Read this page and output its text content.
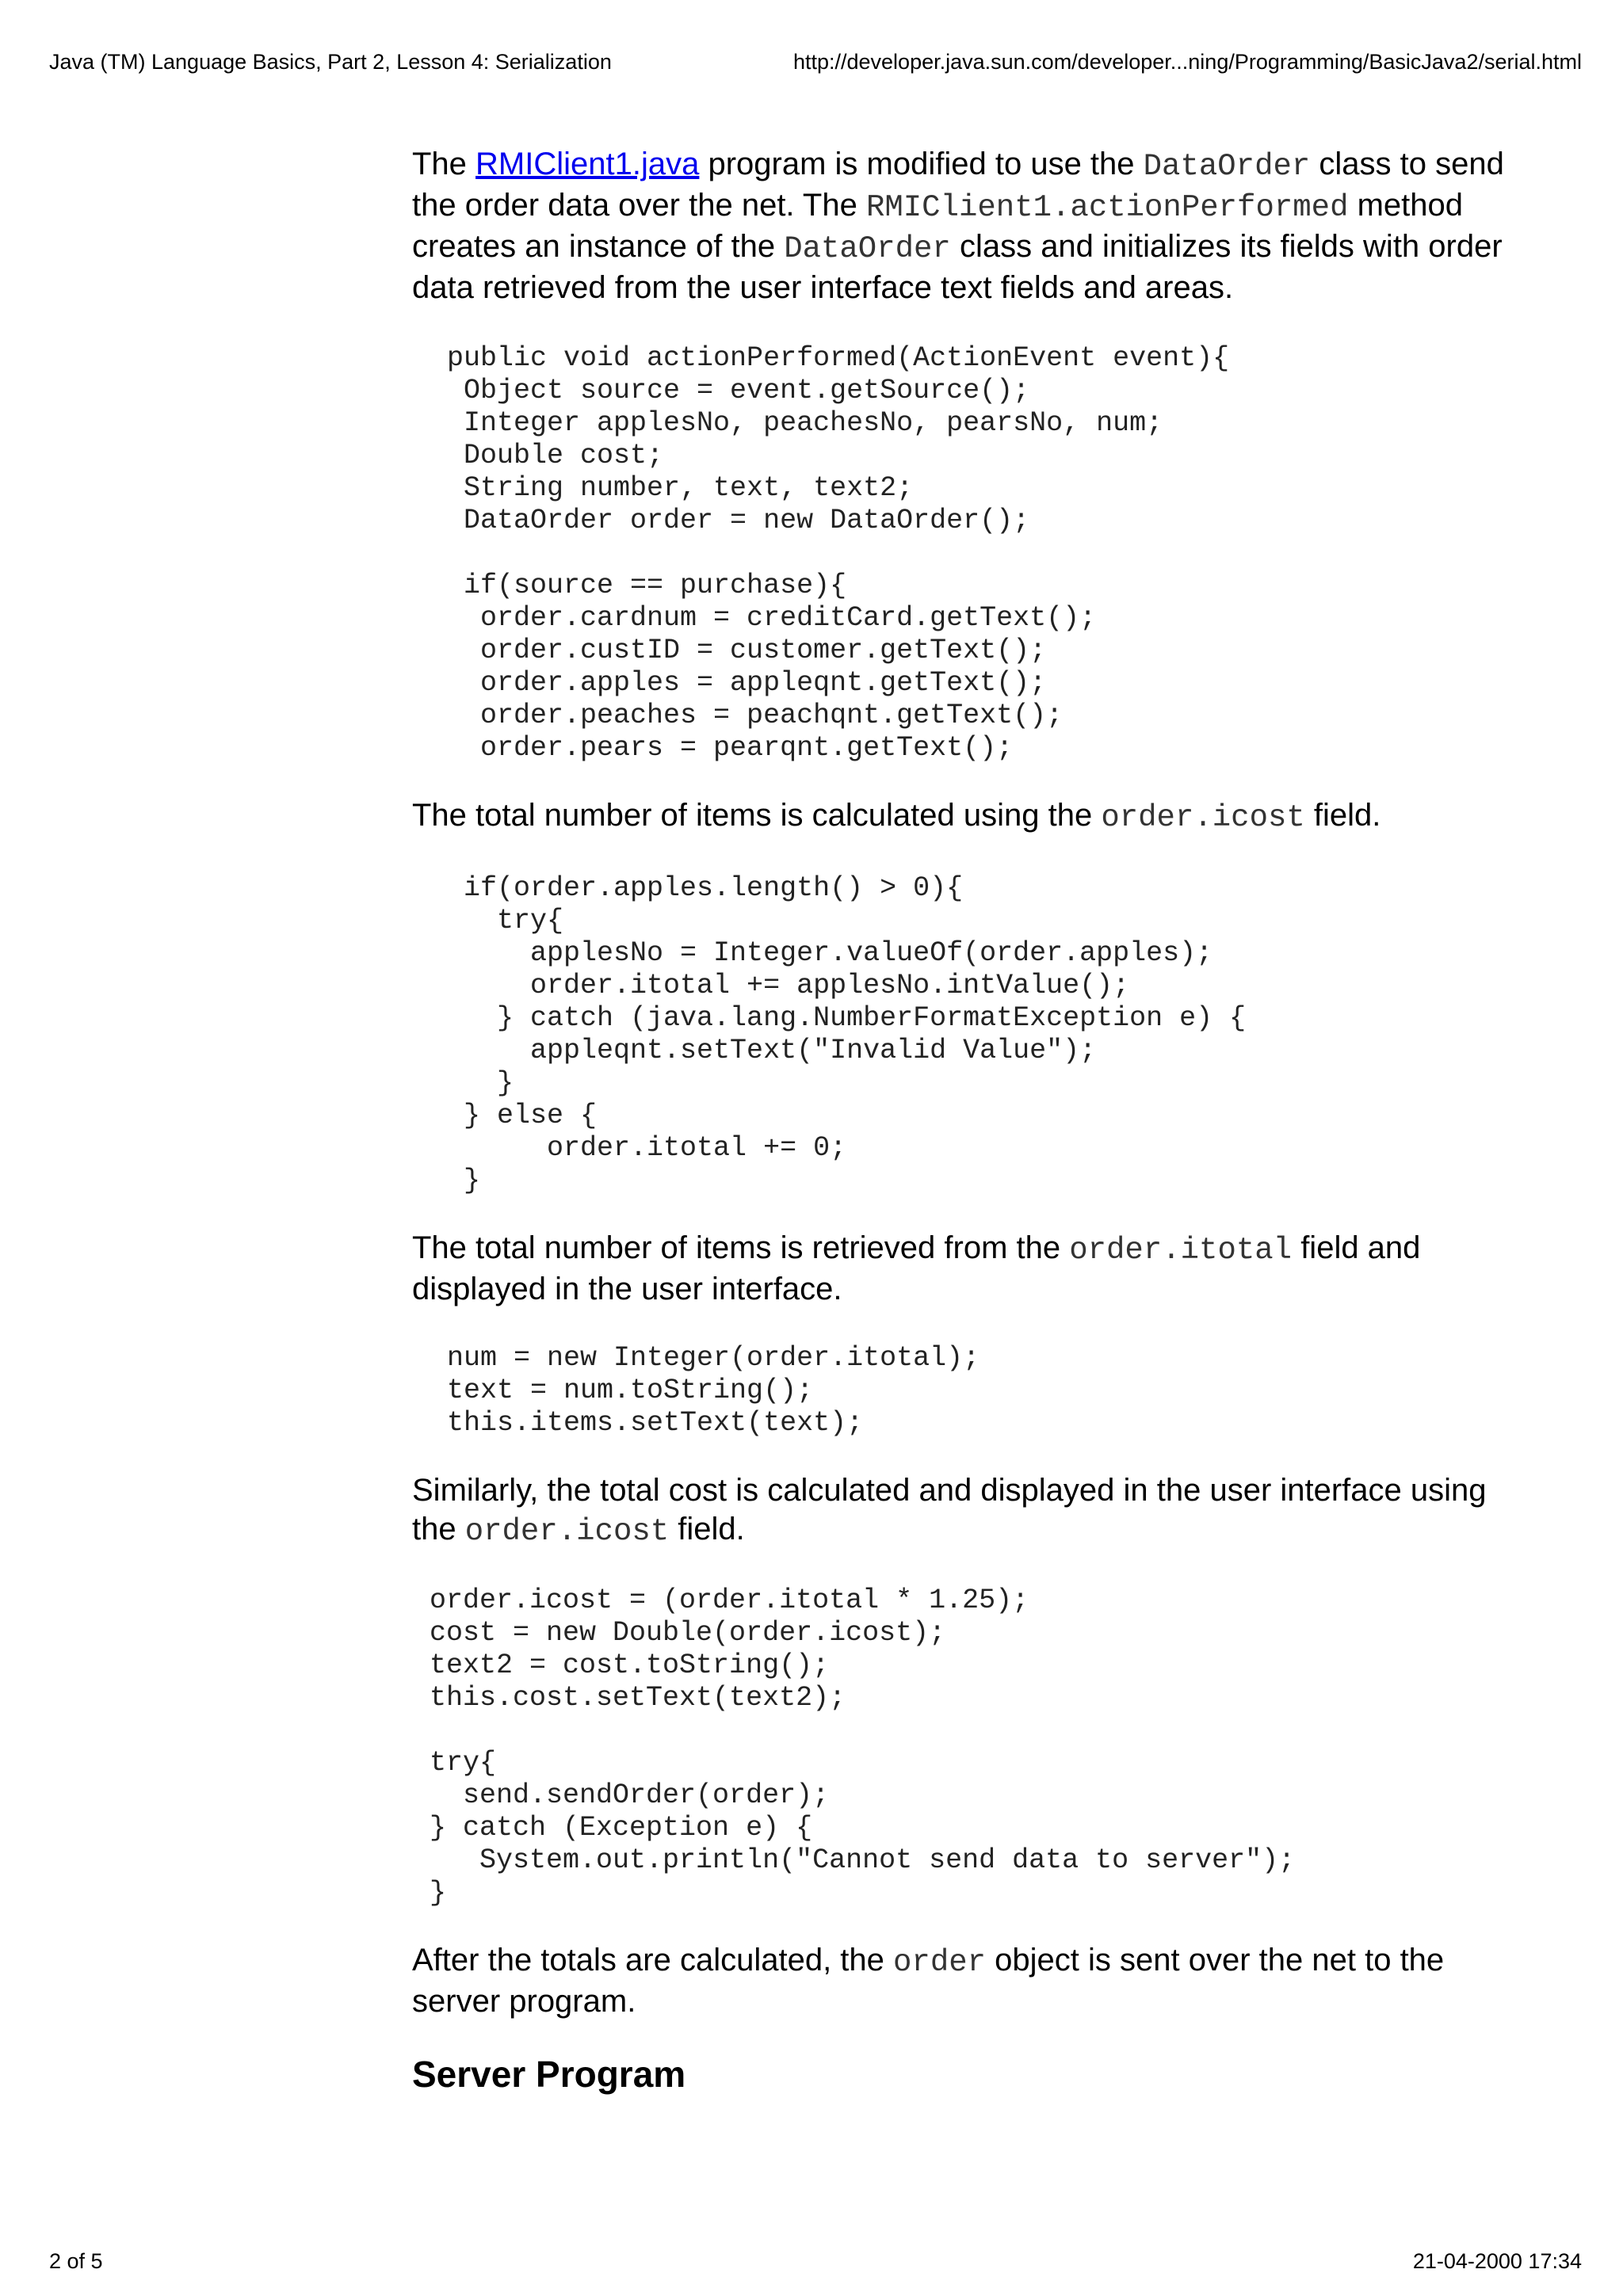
Java (TM) Language Basics, Part 2, Lesson 4: Serialization	http://developer.java.sun.com/developer...ning/Programming/BasicJava2/serial.html

The RMIClient1.java program is modified to use the DataOrder class to send the order data over the net. The RMIClient1.actionPerformed method creates an instance of the DataOrder class and initializes its fields with order data retrieved from the user interface text fields and areas.

public void actionPerformed(ActionEvent event){
Object source = event.getSource();
Integer applesNo, peachesNo, pearsNo, num;
Double cost;
String number, text, text2;
DataOrder order = new DataOrder();

if(source == purchase){
order.cardnum = creditCard.getText();
order.custID = customer.getText();
order.apples = appleqnt.getText();
order.peaches = peachqnt.getText();
order.pears = pearqnt.getText();

The total number of items is calculated using the order.icost field.

if(order.apples.length() > 0){
try{
applesNo = Integer.valueOf(order.apples);
order.itotal += applesNo.intValue();
} catch (java.lang.NumberFormatException e) {
appleqnt.setText("Invalid Value");
}
} else {
order.itotal += 0;
}

The total number of items is retrieved from the order.itotal field and displayed in the user interface.

num = new Integer(order.itotal);
text = num.toString();
this.items.setText(text);

Similarly, the total cost is calculated and displayed in the user interface using the order.icost field.

order.icost = (order.itotal * 1.25);
cost = new Double(order.icost);
text2 = cost.toString();
this.cost.setText(text2);

try{
send.sendOrder(order);
} catch (Exception e) {
System.out.println("Cannot send data to server");
}

After the totals are calculated, the order object is sent over the net to the server program.

Server Program
2 of 5	21-04-2000 17:34
